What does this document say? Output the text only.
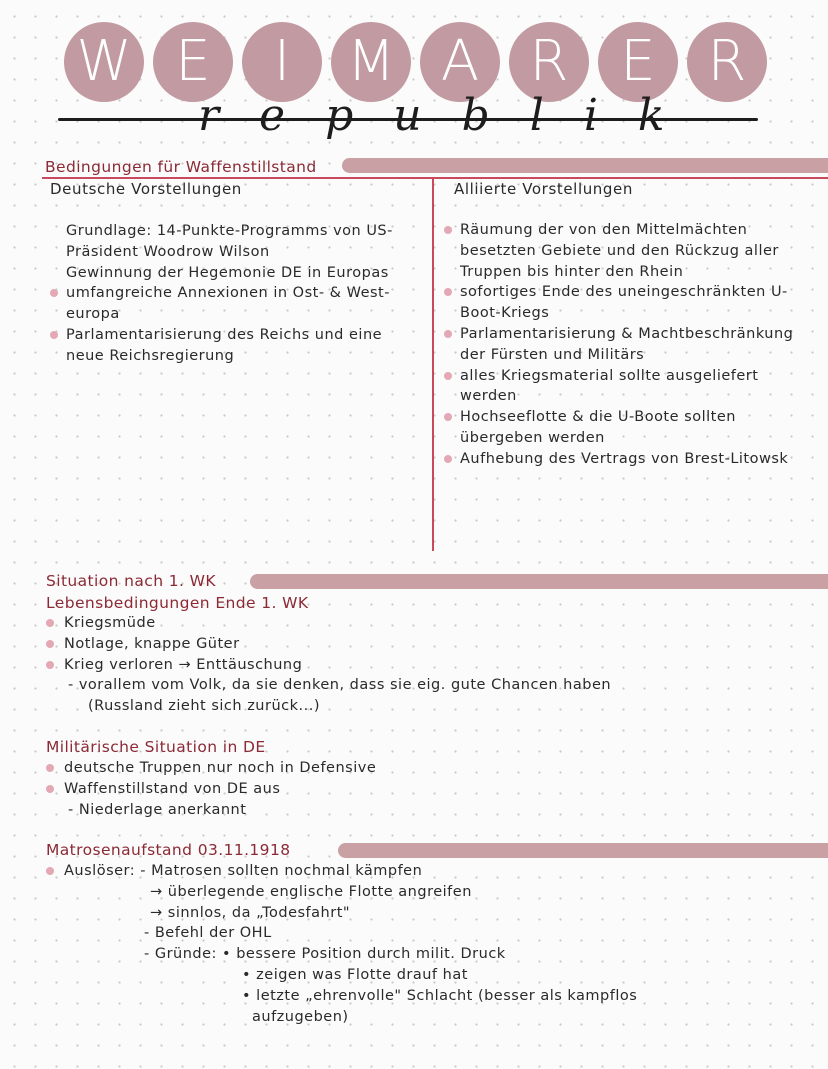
W E	I	M A R E R
republik
Bedingungen für Waffenstillstand
Deutsche Vorstellungen	Alliierte Vorstellungen
Grundlage: 14-Punkte-Programms von US-Präsident Woodrow Wilson
Gewinnung der Hegemonie DE in Europas
umfangreiche Annexionen in Ost- & West-europa
Parlamentarisierung des Reichs und eine neue Reichsregierung
Räumung der von den Mittelmächten besetzten Gebiete und den Rückzug aller Truppen bis hinter den Rhein
sofortiges Ende des uneingeschränkten U-Boot-Kriegs
Parlamentarisierung & Machtbeschränkung der Fürsten und Militärs
alles Kriegsmaterial sollte ausgeliefert werden
Hochseeflotte & die U-Boote sollten übergeben werden
Aufhebung des Vertrags von Brest-Litowsk
Situation nach 1. WK
Lebensbedingungen Ende 1. WK
Kriegsmüde
Notlage, knappe Güter
Krieg verloren → Enttäuschung
- vorallem vom Volk, da sie denken, dass sie eig. gute Chancen haben
(Russland zieht sich zurück...)
Militärische Situation in DE
deutsche Truppen nur noch in Defensive
Waffenstillstand von DE aus
- Niederlage anerkannt
Matrosenaufstand 03.11.1918
Auslöser: - Matrosen sollten nochmal kämpfen
→ überlegende englische Flotte angreifen
→ sinnlos, da „Todesfahrt"
- Befehl der OHL
- Gründe: • bessere Position durch milit. Druck
• zeigen was Flotte drauf hat
• letzte „ehrenvolle" Schlacht (besser als kampflos
aufzugeben)
